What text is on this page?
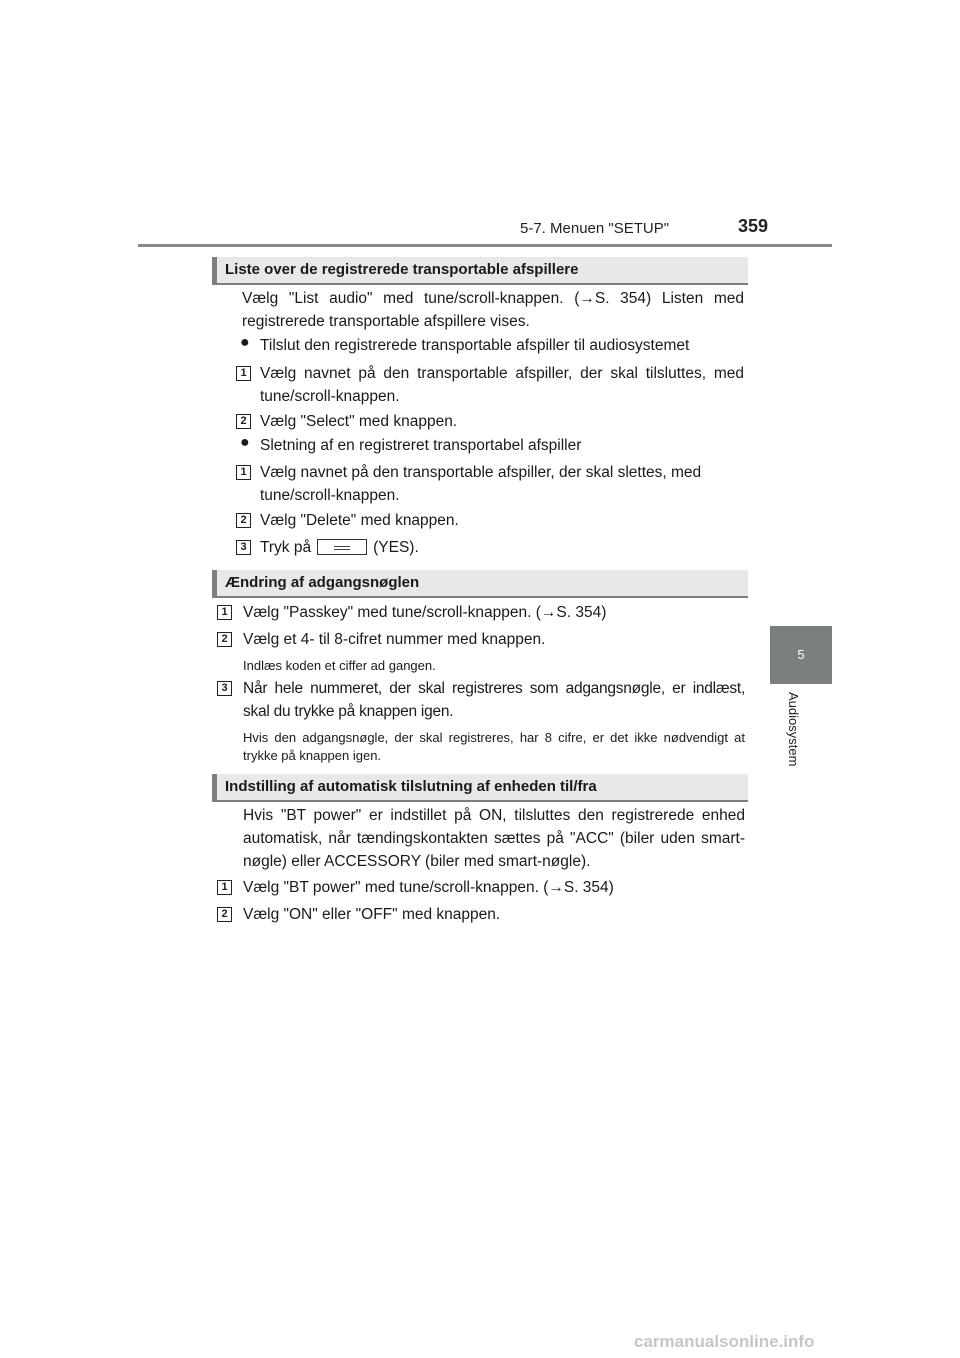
5-7. Menuen "SETUP"	359
5
Audiosystem
Liste over de registrerede transportable afspillere
Vælg "List audio" med tune/scroll-knappen. (→S. 354) Listen med registrerede transportable afspillere vises.
● Tilslut den registrerede transportable afspiller til audiosystemet
1 Vælg navnet på den transportable afspiller, der skal tilsluttes, med tune/scroll-knappen.
2 Vælg "Select" med knappen.
● Sletning af en registreret transportabel afspiller
1 Vælg navnet på den transportable afspiller, der skal slettes, med tune/scroll-knappen.
2 Vælg "Delete" med knappen.
3 Tryk på	(YES).
Ændring af adgangsnøglen
1 Vælg "Passkey" med tune/scroll-knappen. (→S. 354)
2 Vælg et 4- til 8-cifret nummer med knappen.
Indlæs koden et ciffer ad gangen.
3 Når hele nummeret, der skal registreres som adgangsnøgle, er indlæst, skal du trykke på knappen igen.
Hvis den adgangsnøgle, der skal registreres, har 8 cifre, er det ikke nødvendigt at trykke på knappen igen.
Indstilling af automatisk tilslutning af enheden til/fra
Hvis "BT power" er indstillet på ON, tilsluttes den registrerede enhed automatisk, når tændingskontakten sættes på "ACC" (biler uden smart-nøgle) eller ACCESSORY (biler med smart-nøgle).
1 Vælg "BT power" med tune/scroll-knappen. (→S. 354)
2 Vælg "ON" eller "OFF" med knappen.
carmanualsonline.info
